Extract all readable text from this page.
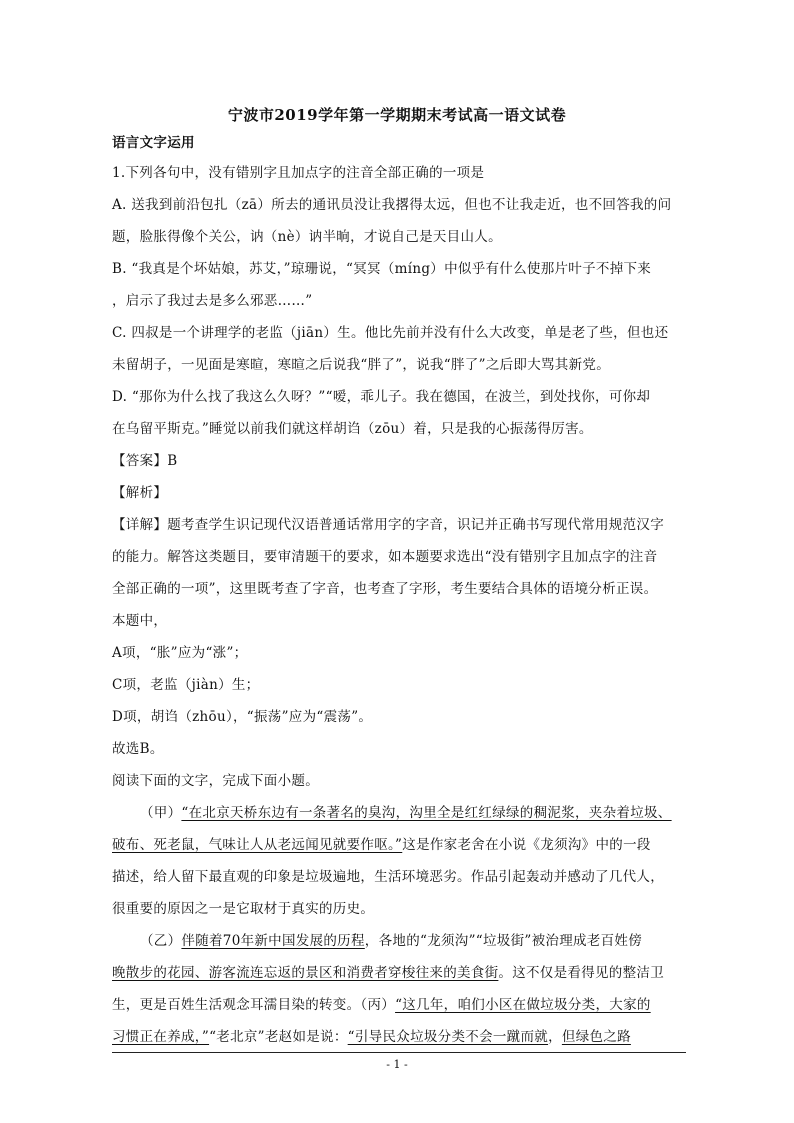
宁波市2019学年第一学期期末考试高一语文试卷
语言文字运用
1.下列各句中，没有错别字且加点字的注音全部正确的一项是
A. 送我到前沿包扎（zā）所去的通讯员没让我撂得太远，但也不让我走近，也不回答我的问
题，脸胀得像个关公，讷（nè）讷半晌，才说自己是天目山人。
B. “我真是个坏姑娘，苏艾，”琼珊说，“冥冥（míng）中似乎有什么使那片叶子不掉下来
，启示了我过去是多么邪恶……”
C. 四叔是一个讲理学的老监（jiān）生。他比先前并没有什么大改变，单是老了些，但也还
未留胡子，一见面是寒暄，寒暄之后说我“胖了”，说我“胖了”之后即大骂其新党。
D. “那你为什么找了我这么久呀？”“嗳，乖儿子。我在德国，在波兰，到处找你，可你却
在乌留平斯克。”睡觉以前我们就这样胡诌（zōu）着，只是我的心振荡得厉害。
【答案】B
【解析】
【详解】题考查学生识记现代汉语普通话常用字的字音，识记并正确书写现代常用规范汉字
的能力。解答这类题目，要审清题干的要求，如本题要求选出“没有错别字且加点字的注音
全部正确的一项”，这里既考查了字音，也考查了字形，考生要结合具体的语境分析正误。
本题中，
A项，“胀”应为“涨”；
C项，老监（jiàn）生；
D项，胡诌（zhōu），“振荡”应为“震荡”。
故选B。
阅读下面的文字，完成下面小题。
（甲）“在北京天桥东边有一条著名的臭沟，沟里全是红红绿绿的稠泥浆，夹杂着垃圾、
破布、死老鼠，气味让人从老远闻见就要作呕。”这是作家老舍在小说《龙须沟》中的一段
描述，给人留下最直观的印象是垃圾遍地，生活环境恶劣。作品引起轰动并感动了几代人，
很重要的原因之一是它取材于真实的历史。
（乙）伴随着70年新中国发展的历程，各地的“龙须沟”“垃圾街”被治理成老百姓傍
晚散步的花园、游客流连忘返的景区和消费者穿梭往来的美食街。这不仅是看得见的整洁卫
生，更是百姓生活观念耳濡目染的转变。（丙）“这几年，咱们小区在做垃圾分类，大家的
习惯正在养成，”“老北京”老赵如是说：“引导民众垃圾分类不会一蹴而就，但绿色之路
- 1 -
